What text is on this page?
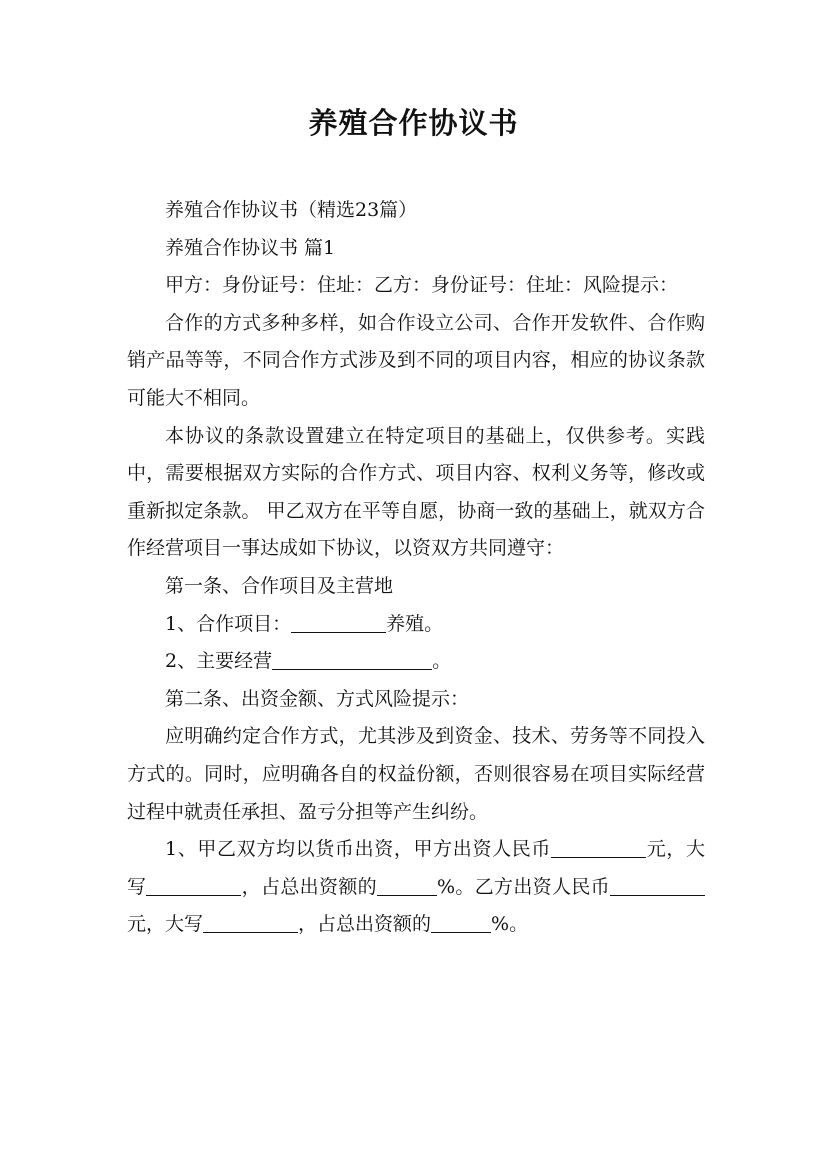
养殖合作协议书

养殖合作协议书（精选23篇）

养殖合作协议书 篇1

甲方：身份证号：住址：乙方：身份证号：住址：风险提示：

合作的方式多种多样，如合作设立公司、合作开发软件、合作购销产品等等，不同合作方式涉及到不同的项目内容，相应的协议条款可能大不相同。

本协议的条款设置建立在特定项目的基础上，仅供参考。实践中，需要根据双方实际的合作方式、项目内容、权利义务等，修改或重新拟定条款。 甲乙双方在平等自愿，协商一致的基础上，就双方合作经营项目一事达成如下协议，以资双方共同遵守：

第一条、合作项目及主营地

1、合作项目：	养殖。

2、主要经营	。

第二条、出资金额、方式风险提示：

应明确约定合作方式，尤其涉及到资金、技术、劳务等不同投入方式的。同时，应明确各自的权益份额，否则很容易在项目实际经营过程中就责任承担、盈亏分担等产生纠纷。

1、甲乙双方均以货币出资，甲方出资人民币	元，大写	，占总出资额的	%。乙方出资人民币元，大写	，占总出资额的	%。
